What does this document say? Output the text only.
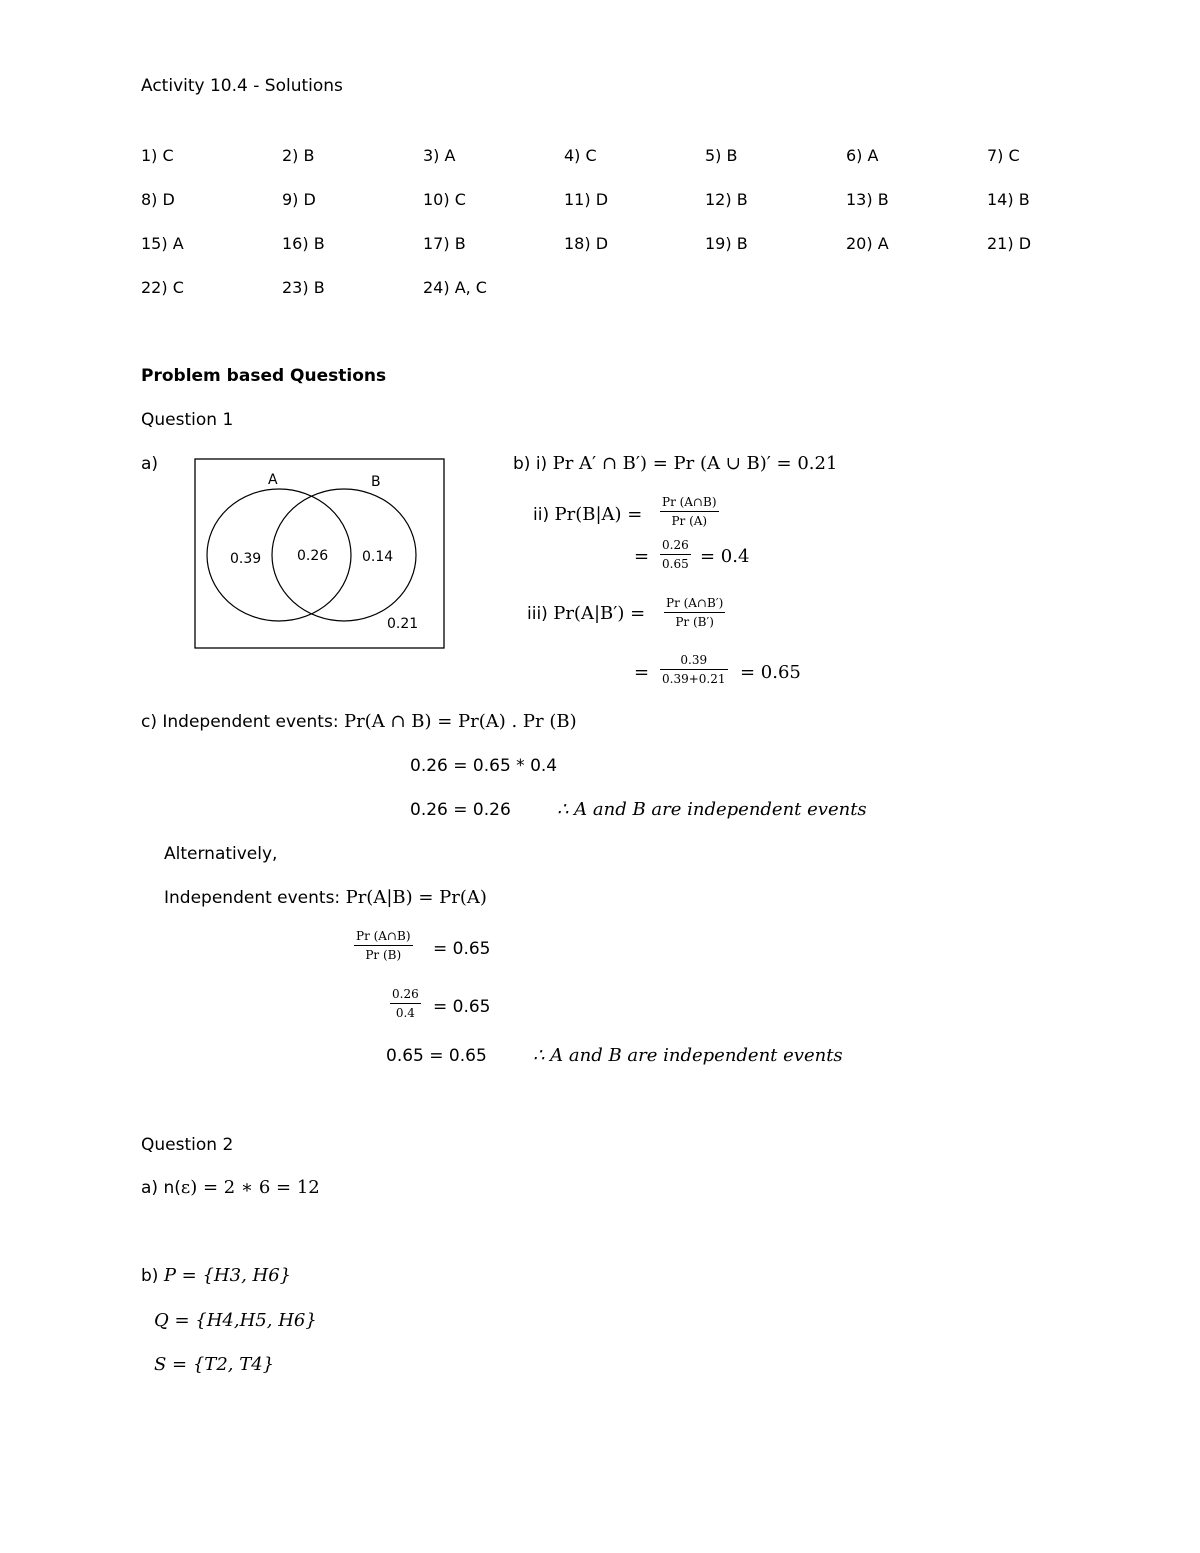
Activity 10.4 - Solutions
1) C	2) B	3) A	4) C	5) B	6) A	7) C
8) D	9) D	10) C	11) D	12) B	13) B	14) B
15) A	16) B	17) B	18) D	19) B	20) A	21) D
22) C	23) B	24) A, C
Problem based Questions
Question 1
a)
A	B
0.39	0.26 0.14
0.21
b) i) Pr A′ ∩ B′) = Pr (A ∪ B)′ = 0.21
ii) Pr(B|A) =
Pr (A∩B)
Pr (A)
=
0.26
0.65 = 0.4
iii) Pr(A|B′) = Pr (A∩B′)
Pr (B′)
=
0.39
0.39+0.21 = 0.65
c) Independent events: Pr(A ∩ B) = Pr(A) . Pr (B)
0.26 = 0.65 * 0.4
0.26 = 0.26	∴ A and B are independent events
Alternatively,
Independent events: Pr(A|B) = Pr(A)
Pr (A∩B)
Pr (B) = 0.65
0.26
0.4 = 0.65
0.65 = 0.65	∴ A and B are independent events
Question 2
a) n(ε) = 2 ∗ 6 = 12
b) P = {H3, H6}
Q = {H4,H5, H6}
S = {T2, T4}
